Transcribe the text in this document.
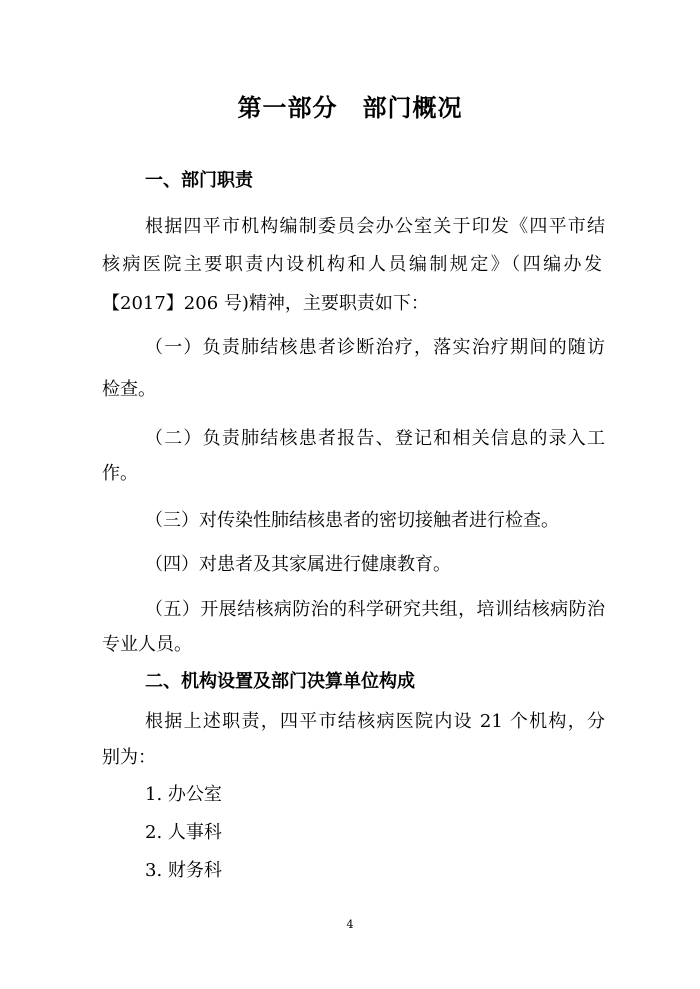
第一部分　部门概况
一、部门职责
根据四平市机构编制委员会办公室关于印发《四平市结
核病医院主要职责内设机构和人员编制规定》（四编办发
【2017】206 号)精神，主要职责如下：
（一）负责肺结核患者诊断治疗，落实治疗期间的随访
检查。
（二）负责肺结核患者报告、登记和相关信息的录入工
作。
（三）对传染性肺结核患者的密切接触者进行检查。
（四）对患者及其家属进行健康教育。
（五）开展结核病防治的科学研究共组，培训结核病防治
专业人员。
二、机构设置及部门决算单位构成
根据上述职责，四平市结核病医院内设 21 个机构，分
别为：
1. 办公室
2. 人事科
3. 财务科
4
